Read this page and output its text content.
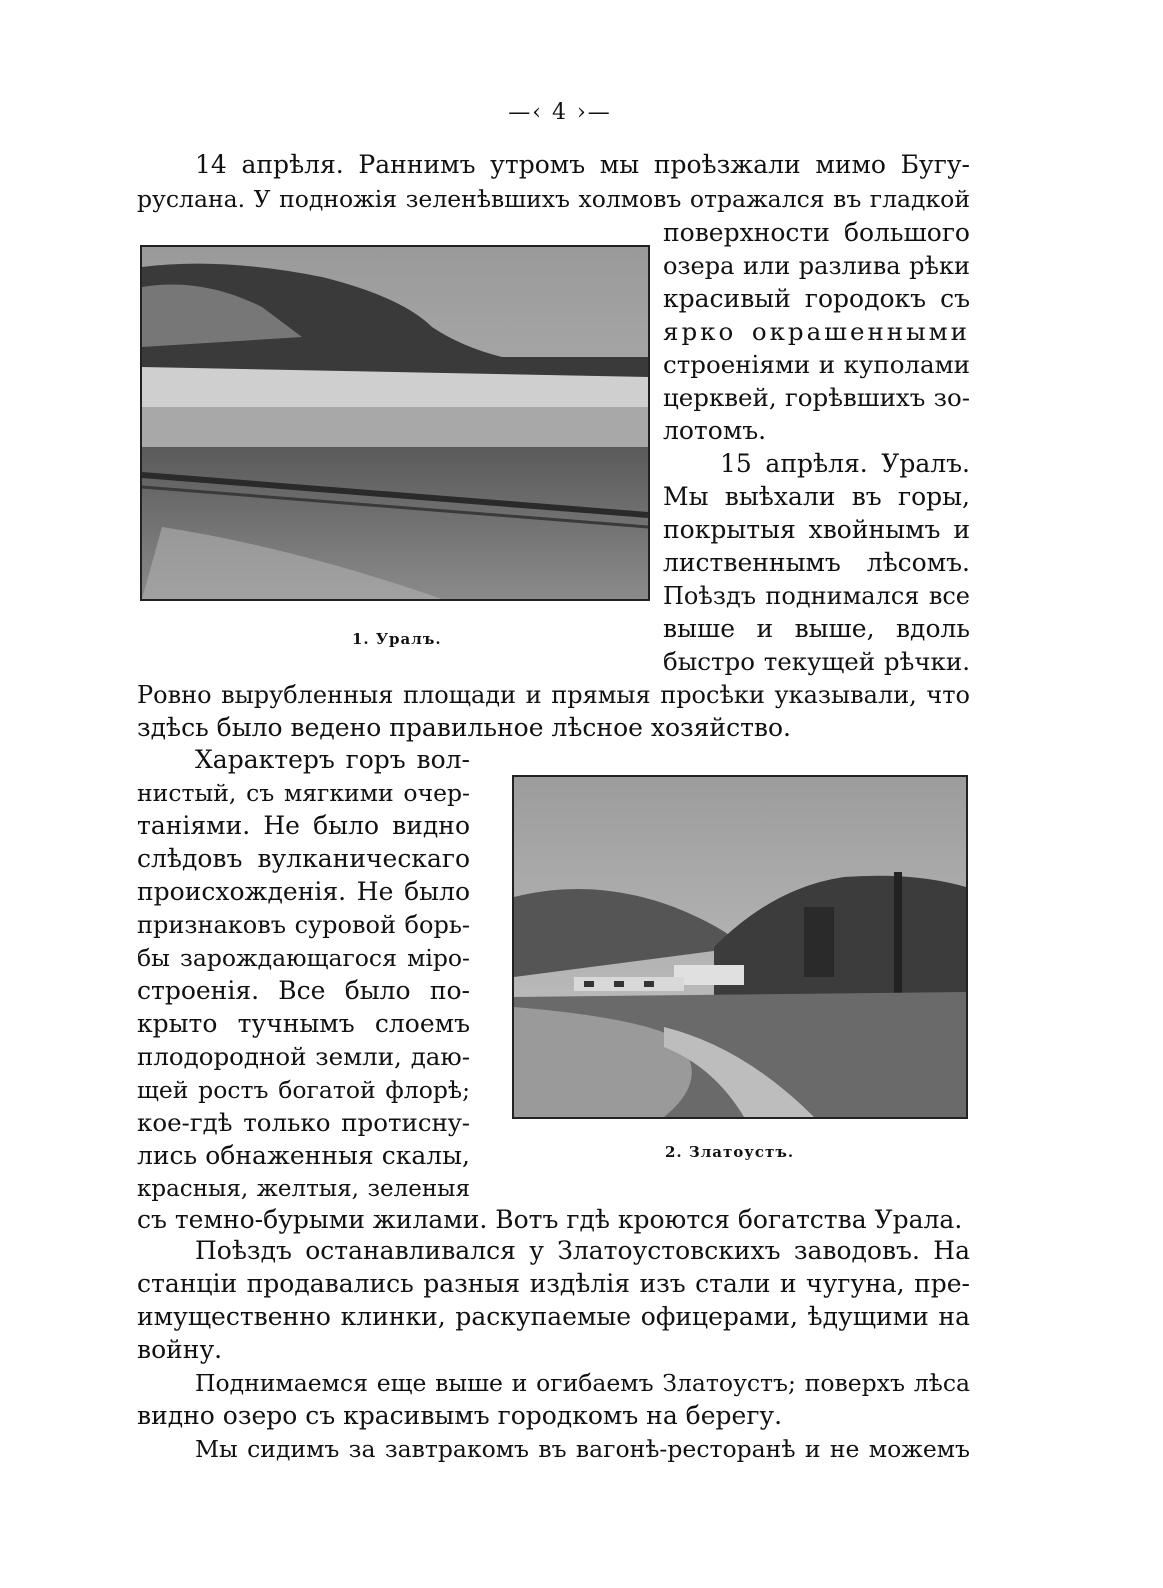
—‹ 4 ›—
14 апрѣля. Раннимъ утромъ мы проѣзжали мимо Бугу-
руслана. У подножія зеленѣвшихъ холмовъ отражался въ гладкой
1. Уралъ.
поверхности большого
озера или разлива рѣки
красивый городокъ съ
ярко окрашенными
строеніями и куполами
церквей, горѣвшихъ зо-
лотомъ.
15 апрѣля. Уралъ.
Мы выѣхали въ горы,
покрытыя хвойнымъ и
лиственнымъ лѣсомъ.
Поѣздъ поднимался все
выше и выше, вдоль
быстро текущей рѣчки.
Ровно вырубленныя площади и прямыя просѣки указывали, что
здѣсь было ведено правильное лѣсное хозяйство.
Характеръ горъ вол-
нистый, съ мягкими очер-
таніями. Не было видно
слѣдовъ вулканическаго
происхожденія. Не было
признаковъ суровой борь-
бы зарождающагося міро-
строенія. Все было по-
крыто тучнымъ слоемъ
плодородной земли, даю-
щей ростъ богатой флорѣ;
кое-гдѣ только протиснy-
лись обнаженныя скалы,
красныя, желтыя, зеленыя
2. Златоустъ.
съ темно-бурыми жилами. Вотъ гдѣ кроются богатства Урала.
Поѣздъ останавливался у Златоустовскихъ заводовъ. На
станціи продавались разныя издѣлія изъ стали и чугуна, пре-
имущественно клинки, раскупаемые офицерами, ѣдущими на
войну.
Поднимаемся еще выше и огибаемъ Златоустъ; поверхъ лѣса
видно озеро съ красивымъ городкомъ на берегу.
Мы сидимъ за завтракомъ въ вагонѣ-ресторанѣ и не можемъ
